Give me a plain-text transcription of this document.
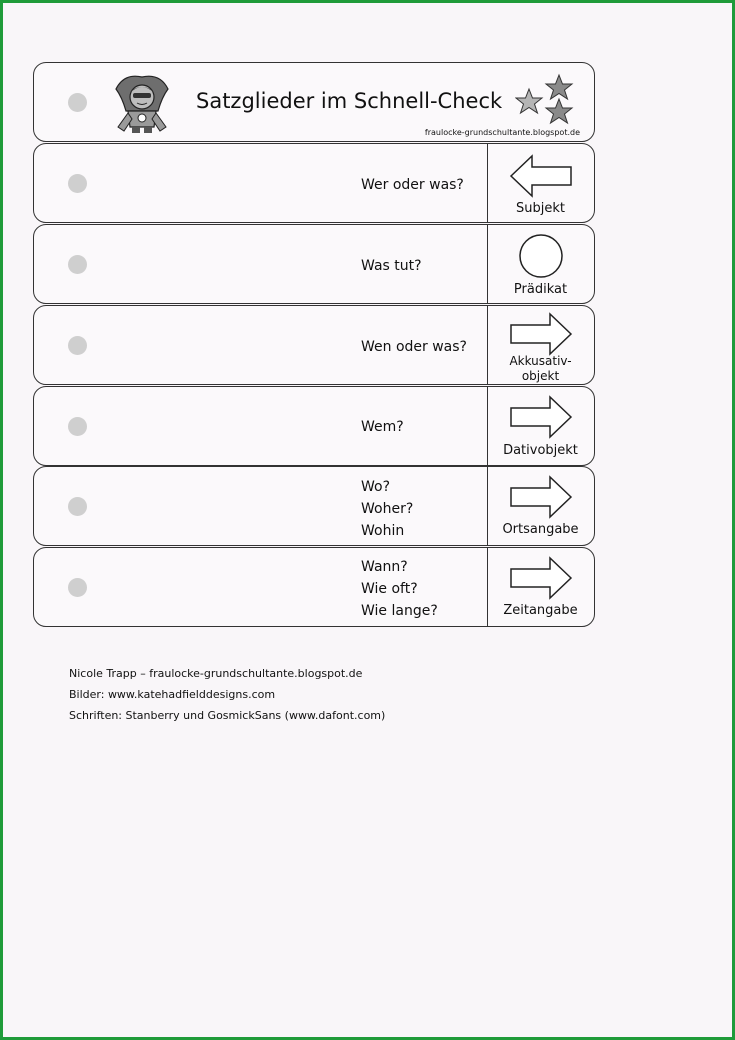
Satzglieder im Schnell-Check
fraulocke-grundschultante.blogspot.de
Wer oder was?
Subjekt
Was tut?
Prädikat
Wen oder was?
Akkusativ-
objekt
Wem?
Dativobjekt
Wo?
Woher?
Wohin	Ortsangabe
Wann?
Wie oft?
Wie lange?	Zeitangabe
Nicole Trapp – fraulocke-grundschultante.blogspot.de
Bilder: www.katehadfielddesigns.com
Schriften: Stanberry und GosmickSans (www.dafont.com)
